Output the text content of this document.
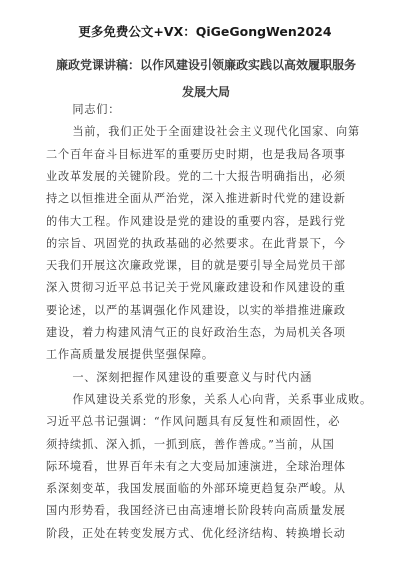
更多免费公文+VX：QiGeGongWen2024
廉政党课讲稿：以作风建设引领廉政实践以高效履职服务
发展大局
同志们：
当前，我们正处于全面建设社会主义现代化国家、向第
二个百年奋斗目标进军的重要历史时期，也是我局各项事
业改革发展的关键阶段。党的二十大报告明确指出，必须
持之以恒推进全面从严治党，深入推进新时代党的建设新
的伟大工程。作风建设是党的建设的重要内容，是践行党
的宗旨、巩固党的执政基础的必然要求。在此背景下，今
天我们开展这次廉政党课，目的就是要引导全局党员干部
深入贯彻习近平总书记关于党风廉政建设和作风建设的重
要论述，以严的基调强化作风建设，以实的举措推进廉政
建设，着力构建风清气正的良好政治生态，为局机关各项
工作高质量发展提供坚强保障。
一、深刻把握作风建设的重要意义与时代内涵
作风建设关系党的形象，关系人心向背，关系事业成败。
习近平总书记强调：“作风问题具有反复性和顽固性，必
须持续抓、深入抓，一抓到底，善作善成。”当前，从国
际环境看，世界百年未有之大变局加速演进，全球治理体
系深刻变革，我国发展面临的外部环境更趋复杂严峻。从
国内形势看，我国经济已由高速增长阶段转向高质量发展
阶段，正处在转变发展方式、优化经济结构、转换增长动
